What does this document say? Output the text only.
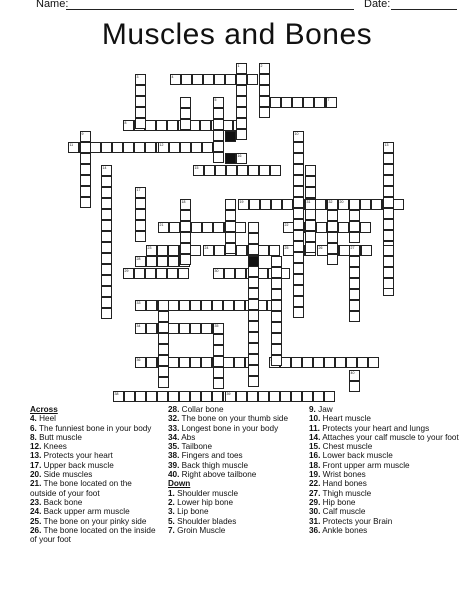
Name:	Date:
Muscles and Bones
4
8
11	12
15
19	20
21	22
23	24	25	26
28
29	30
33
34
36
38	39
3
1	2
5
9
14
17
18
10
32
27
13
35
40
7
16
31
Across
4. Heel
6. The funniest bone in your body
8. Butt muscle
12. Knees
13. Protects your heart
17. Upper back muscle
20. Side muscles
21. The bone located on the outside of your foot
23. Back bone
24. Back upper arm muscle
25. The bone on your pinky side
26. The bone located on the inside of your foot
28. Collar bone
32. The bone on your thumb side
33. Longest bone in your body
34. Abs
35. Tailbone
38. Fingers and toes
39. Back thigh muscle
40. Right above tailbone
Down
1. Shoulder muscle
2. Lower hip bone
3. Lip bone
5. Shoulder blades
7. Groin Muscle
9. Jaw
10. Heart muscle
11. Protects your heart and lungs
14. Attaches your calf muscle to your foot
15. Chest muscle
16. Lower back muscle
18. Front upper arm muscle
19. Wrist bones
22. Hand bones
27. Thigh muscle
29. Hip bone
30. Calf muscle
31. Protects your Brain
36. Ankle bones
